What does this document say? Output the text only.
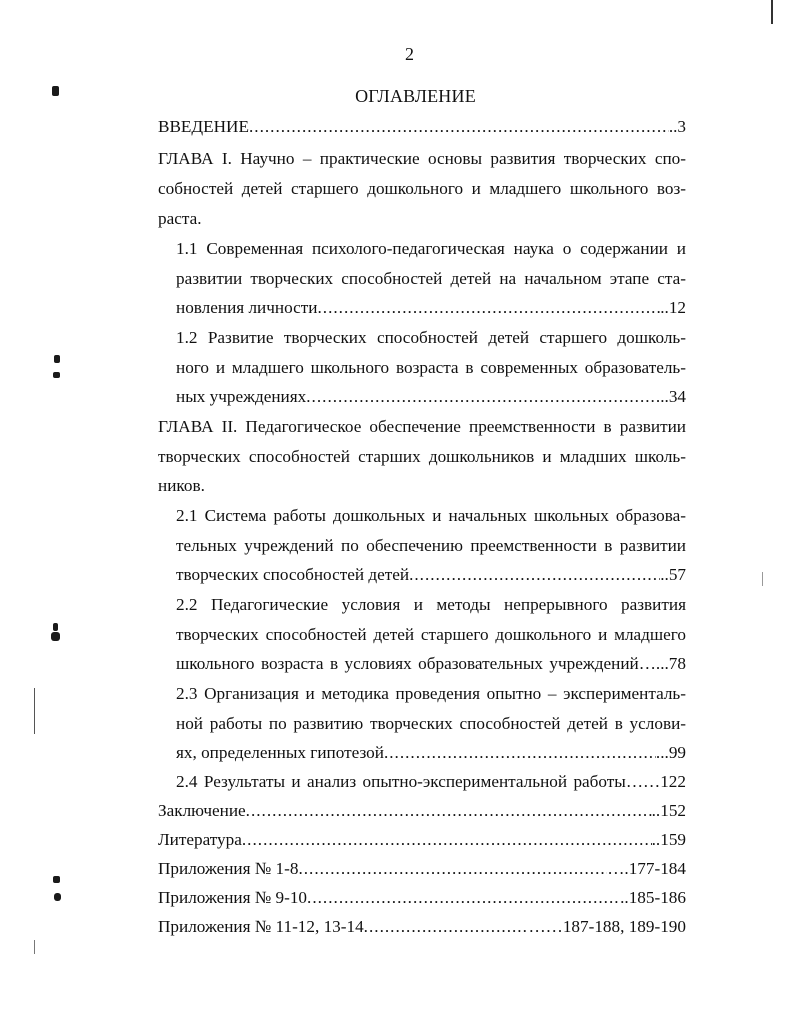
2
ОГЛАВЛЕНИЕ
ВВЕДЕНИЕ .....	..3
ГЛАВА I. Научно – практические основы развития творческих спо-
собностей детей старшего дошкольного и младшего школьного воз-
раста.
1.1 Современная психолого-педагогическая наука о содержании и
развитии творческих способностей детей на начальном этапе ста-
новления личности .....	..12
1.2 Развитие творческих способностей детей старшего дошколь-
ного и младшего школьного возраста в современных образователь-
ных учреждениях .....	..34
ГЛАВА II. Педагогическое обеспечение преемственности в развитии
творческих способностей старших дошкольников и младших школь-
ников.
2.1 Система работы дошкольных и начальных школьных образова-
тельных учреждений по обеспечению преемственности в развитии
творческих способностей детей .....	..57
2.2 Педагогические условия и методы непрерывного развития
творческих способностей детей старшего дошкольного и младшего
школьного возраста в условиях образовательных учреждений…...78
2.3 Организация и методика проведения опытно – эксперименталь-
ной работы по развитию творческих способностей детей в услови-
ях, определенных гипотезой .....	...99
2.4 Результаты и анализ опытно-экспериментальной работы……122
Заключение .....	..152
Литература .....	..159
Приложения № 1-8 .....	….177-184
Приложения № 9-10 .....	..185-186
Приложения № 11-12, 13-14 .....	……187-188, 189-190
